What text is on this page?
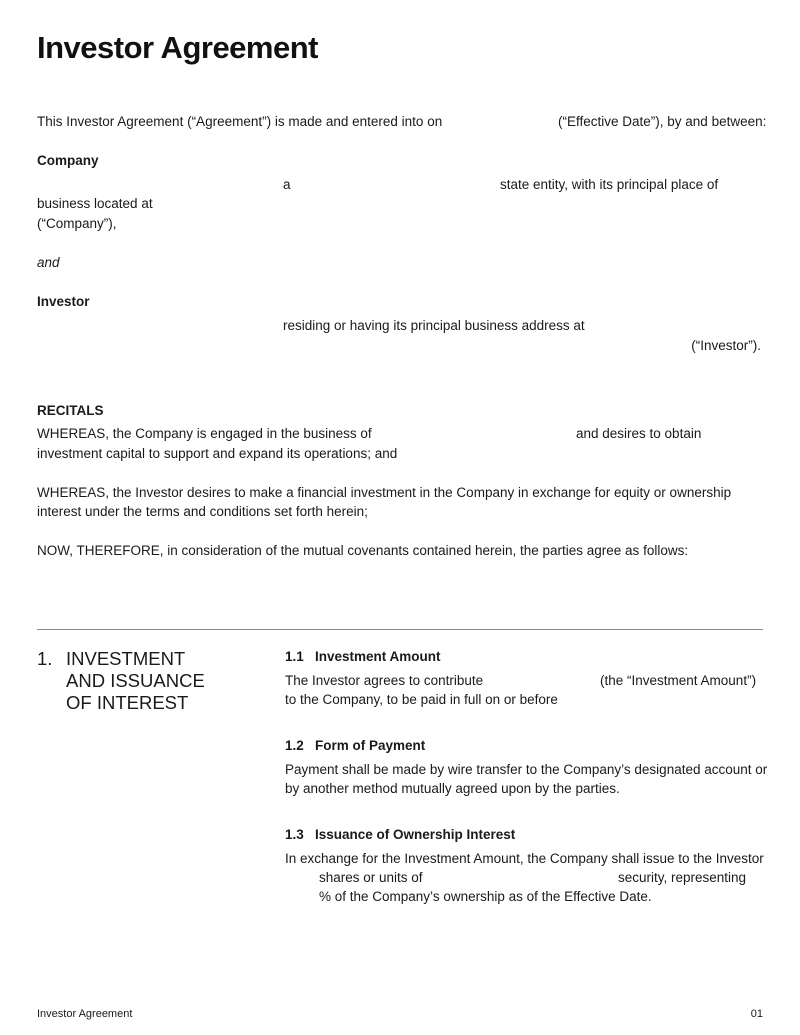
Investor Agreement
This Investor Agreement (“Agreement”) is made and entered into on	(“Effective Date”), by and between:
Company
a	state entity, with its principal place of
business located at
(“Company”),
and
Investor
residing or having its principal business address at
(“Investor”).
RECITALS
WHEREAS, the Company is engaged in the business of	and desires to obtain
investment capital to support and expand its operations; and
WHEREAS, the Investor desires to make a financial investment in the Company in exchange for equity or ownership
interest under the terms and conditions set forth herein;
NOW, THEREFORE, in consideration of the mutual covenants contained herein, the parties agree as follows:
1. INVESTMENT AND ISSUANCE OF INTEREST
1.1 Investment Amount
The Investor agrees to contribute	(the “Investment Amount”)
to the Company, to be paid in full on or before
1.2 Form of Payment
Payment shall be made by wire transfer to the Company’s designated account or
by another method mutually agreed upon by the parties.
1.3 Issuance of Ownership Interest
In exchange for the Investment Amount, the Company shall issue to the Investor
shares or units of	security, representing
% of the Company’s ownership as of the Effective Date.
Investor Agreement	01
